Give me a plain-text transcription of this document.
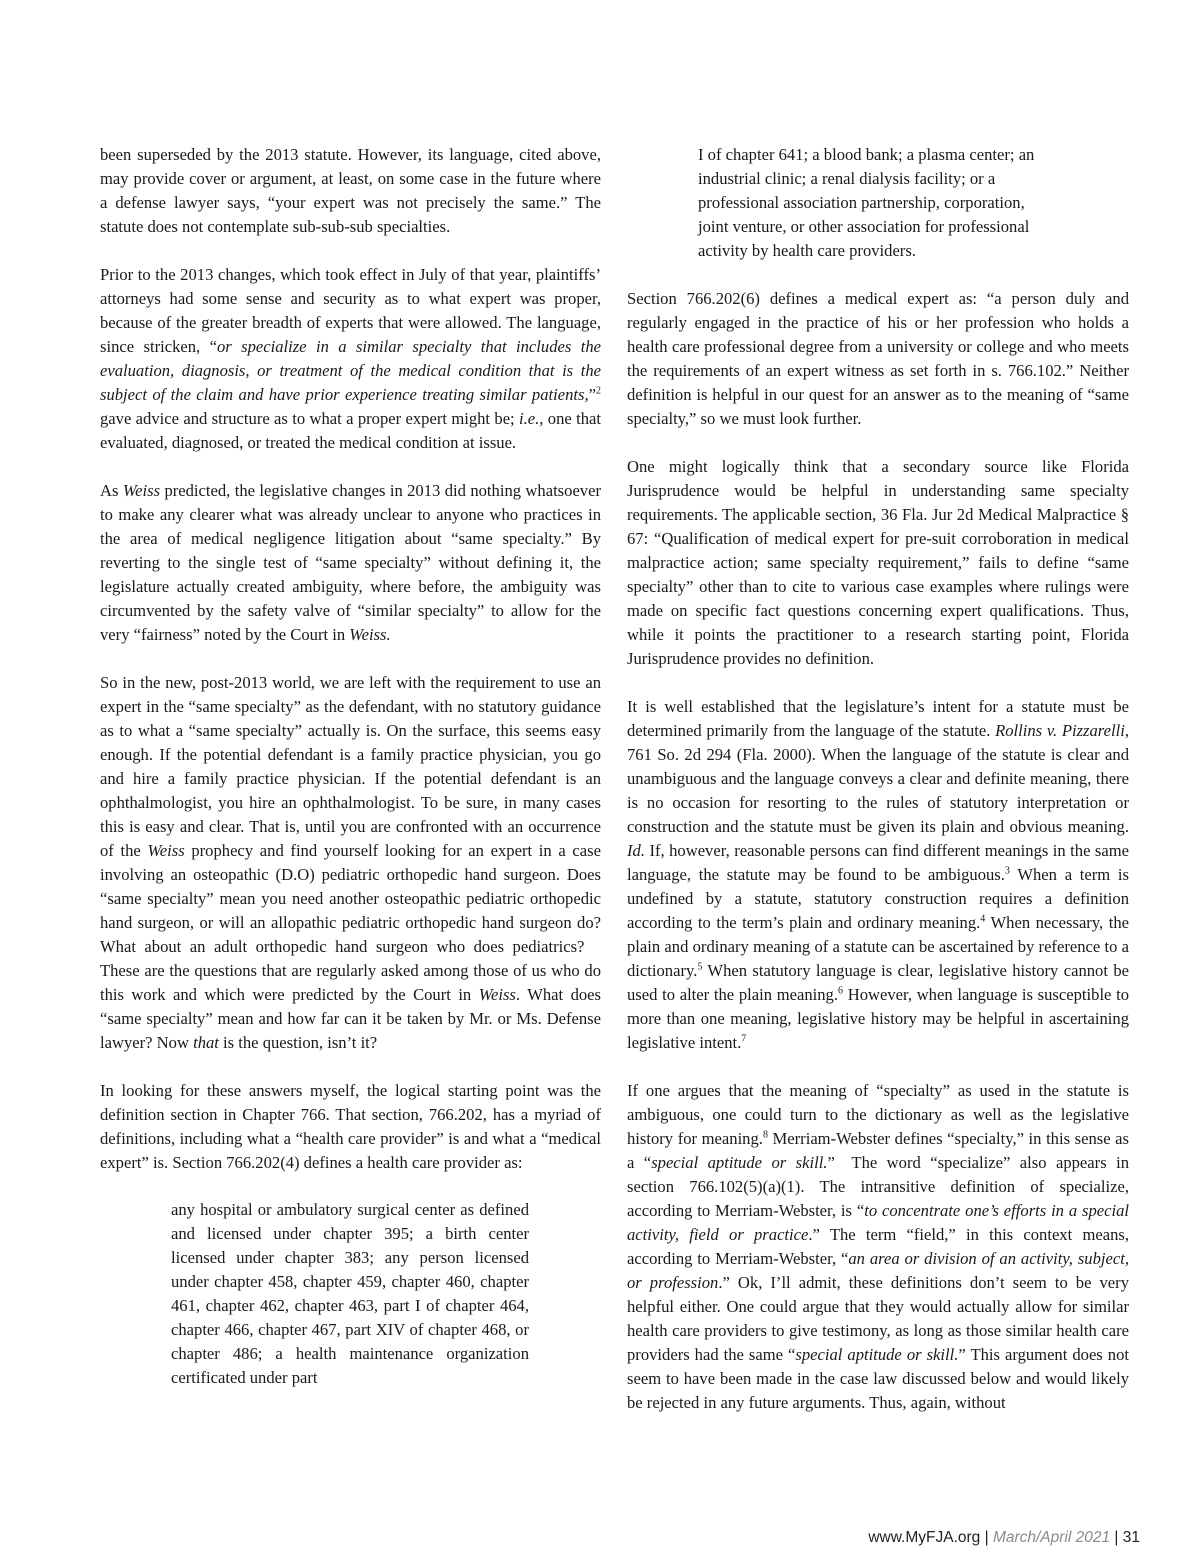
been superseded by the 2013 statute. However, its language, cited above, may provide cover or argument, at least, on some case in the future where a defense lawyer says, “your expert was not precisely the same.” The statute does not contemplate sub-sub-sub specialties.

Prior to the 2013 changes, which took effect in July of that year, plaintiffs’ attorneys had some sense and security as to what expert was proper, because of the greater breadth of experts that were allowed. The language, since stricken, “or specialize in a similar specialty that includes the evaluation, diagnosis, or treatment of the medical condition that is the subject of the claim and have prior experience treating similar patients,”$^2$ gave advice and structure as to what a proper expert might be; i.e., one that evaluated, diagnosed, or treated the medical condition at issue.

As Weiss predicted, the legislative changes in 2013 did nothing whatsoever to make any clearer what was already unclear to anyone who practices in the area of medical negligence litigation about “same specialty.” By reverting to the single test of “same specialty” without defining it, the legislature actually created ambiguity, where before, the ambiguity was circumvented by the safety valve of “similar specialty” to allow for the very “fairness” noted by the Court in Weiss.

So in the new, post-2013 world, we are left with the requirement to use an expert in the “same specialty” as the defendant, with no statutory guidance as to what a “same specialty” actually is. On the surface, this seems easy enough. If the potential defendant is a family practice physician, you go and hire a family practice physician. If the potential defendant is an ophthalmologist, you hire an ophthalmologist. To be sure, in many cases this is easy and clear. That is, until you are confronted with an occurrence of the Weiss prophecy and find yourself looking for an expert in a case involving an osteopathic (D.O) pediatric orthopedic hand surgeon. Does “same specialty” mean you need another osteopathic pediatric orthopedic hand surgeon, or will an allopathic pediatric orthopedic hand surgeon do? What about an adult orthopedic hand surgeon who does pediatrics? These are the questions that are regularly asked among those of us who do this work and which were predicted by the Court in Weiss. What does “same specialty” mean and how far can it be taken by Mr. or Ms. Defense lawyer? Now that is the question, isn’t it?

In looking for these answers myself, the logical starting point was the definition section in Chapter 766. That section, 766.202, has a myriad of definitions, including what a “health care provider” is and what a “medical expert” is. Section 766.202(4) defines a health care provider as:

any hospital or ambulatory surgical center as defined and licensed under chapter 395; a birth center licensed under chapter 383; any person licensed under chapter 458, chapter 459, chapter 460, chapter 461, chapter 462, chapter 463, part I of chapter 464, chapter 466, chapter 467, part XIV of chapter 468, or chapter 486; a health maintenance organization certificated under part

I of chapter 641; a blood bank; a plasma center; an industrial clinic; a renal dialysis facility; or a professional association partnership, corporation, joint venture, or other association for professional activity by health care providers.

Section 766.202(6) defines a medical expert as: “a person duly and regularly engaged in the practice of his or her profession who holds a health care professional degree from a university or college and who meets the requirements of an expert witness as set forth in s. 766.102.” Neither definition is helpful in our quest for an answer as to the meaning of “same specialty,” so we must look further.

One might logically think that a secondary source like Florida Jurisprudence would be helpful in understanding same specialty requirements. The applicable section, 36 Fla. Jur 2d Medical Malpractice § 67: “Qualification of medical expert for pre-suit corroboration in medical malpractice action; same specialty requirement,” fails to define “same specialty” other than to cite to various case examples where rulings were made on specific fact questions concerning expert qualifications. Thus, while it points the practitioner to a research starting point, Florida Jurisprudence provides no definition.

It is well established that the legislature’s intent for a statute must be determined primarily from the language of the statute. Rollins v. Pizzarelli, 761 So. 2d 294 (Fla. 2000). When the language of the statute is clear and unambiguous and the language conveys a clear and definite meaning, there is no occasion for resorting to the rules of statutory interpretation or construction and the statute must be given its plain and obvious meaning. Id. If, however, reasonable persons can find different meanings in the same language, the statute may be found to be ambiguous.$^3$ When a term is undefined by a statute, statutory construction requires a definition according to the term’s plain and ordinary meaning.$^4$ When necessary, the plain and ordinary meaning of a statute can be ascertained by reference to a dictionary.$^5$ When statutory language is clear, legislative history cannot be used to alter the plain meaning.$^6$ However, when language is susceptible to more than one meaning, legislative history may be helpful in ascertaining legislative intent.$^7$

If one argues that the meaning of “specialty” as used in the statute is ambiguous, one could turn to the dictionary as well as the legislative history for meaning.$^8$ Merriam-Webster defines “specialty,” in this sense as a “special aptitude or skill.” The word “specialize” also appears in section 766.102(5)(a)(1). The intransitive definition of specialize, according to Merriam-Webster, is “to concentrate one’s efforts in a special activity, field or practice.” The term “field,” in this context means, according to Merriam-Webster, “an area or division of an activity, subject, or profession.” Ok, I’ll admit, these definitions don’t seem to be very helpful either. One could argue that they would actually allow for similar health care providers to give testimony, as long as those similar health care providers had the same “special aptitude or skill.” This argument does not seem to have been made in the case law discussed below and would likely be rejected in any future arguments. Thus, again, without

www.MyFJA.org | March/April 2021 | 31
